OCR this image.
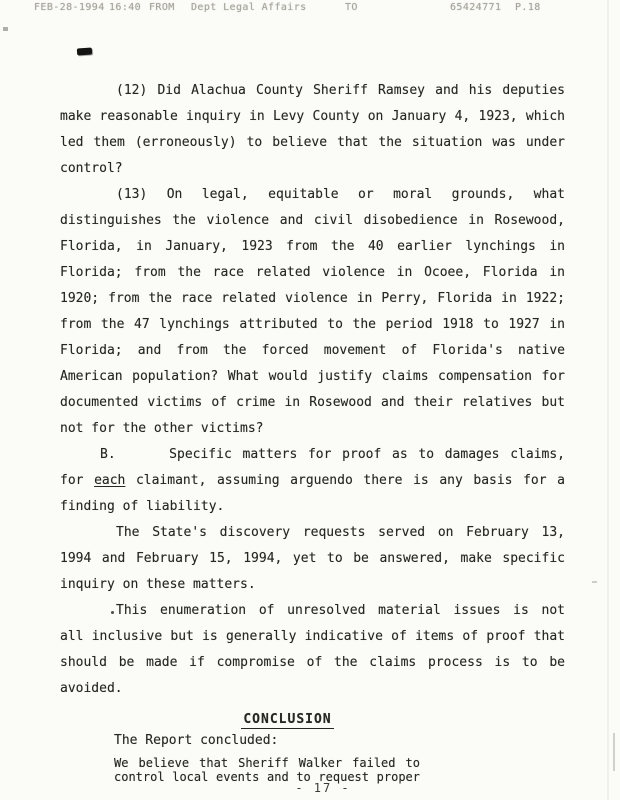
FEB-28-1994 16:40 FROM Dept Legal Affairs	TO	65424771 P.18
(12) Did Alachua County Sheriff Ramsey and his deputies
make reasonable inquiry in Levy County on January 4, 1923, which
led them (erroneously) to believe that the situation was under
control?
(13) On legal, equitable or moral grounds, what
distinguishes the violence and civil disobedience in Rosewood,
Florida, in January, 1923 from the 40 earlier lynchings in
Florida; from the race related violence in Ocoee, Florida in
1920; from the race related violence in Perry, Florida in 1922;
from the 47 lynchings attributed to the period 1918 to 1927 in
Florida; and from the forced movement of Florida's native
American population? What would justify claims compensation for
documented victims of crime in Rosewood and their relatives but
not for the other victims?
B.     Specific matters for proof as to damages claims,
for each claimant, assuming arguendo there is any basis for a
finding of liability.
The State's discovery requests served on February 13,
1994 and February 15, 1994, yet to be answered, make specific
inquiry on these matters.
This enumeration of unresolved material issues is not
all inclusive but is generally indicative of items of proof that
should be made if compromise of the claims process is to be
avoided.
CONCLUSION
The Report concluded:
We believe that Sheriff Walker failed to
control local events and to request proper
- 17 -
